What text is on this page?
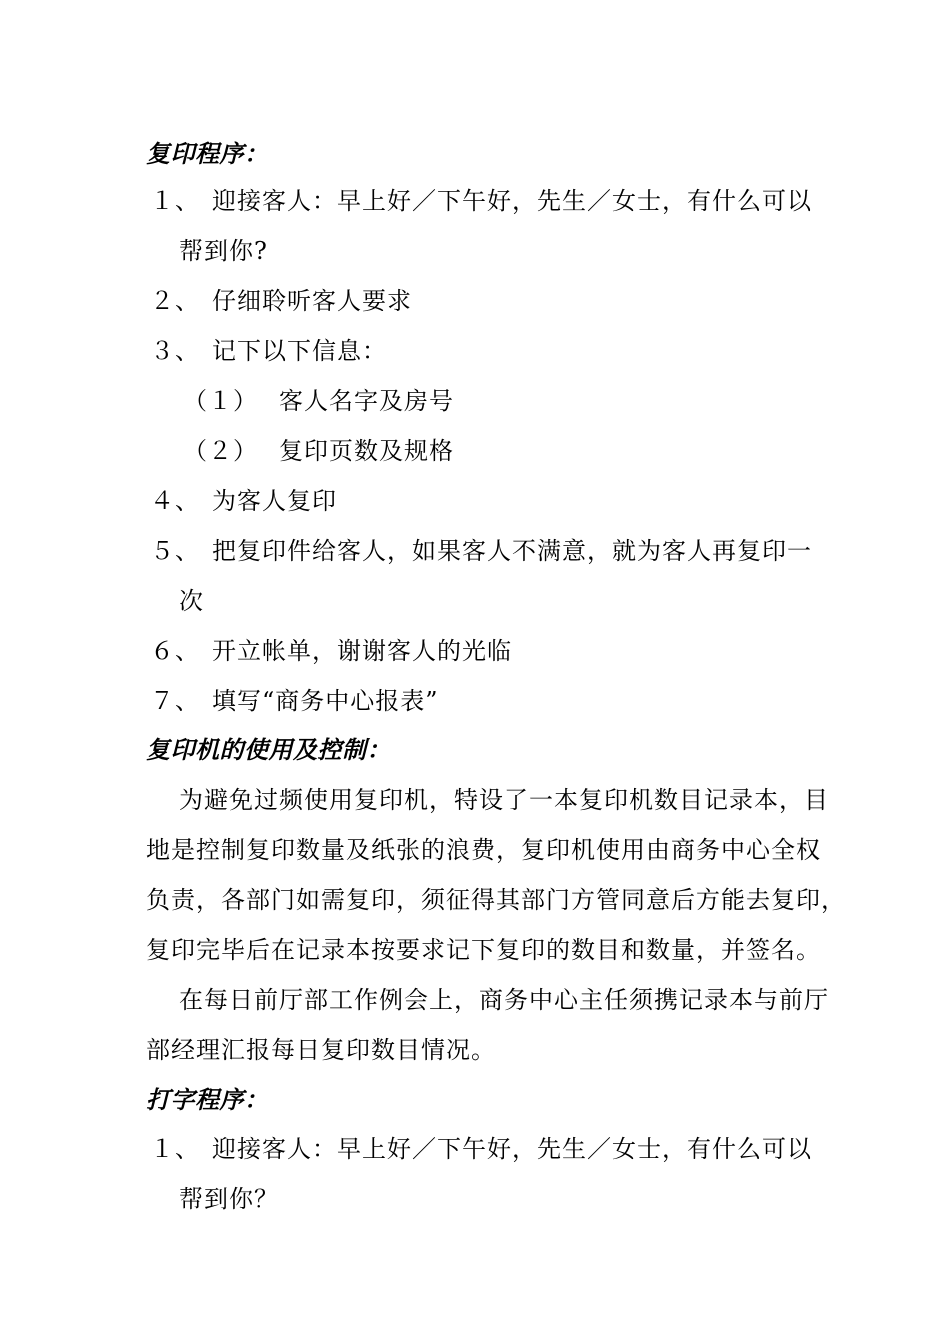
复印程序：
１、 迎接客人：早上好／下午好，先生／女士，有什么可以
帮到你?
２、 仔细聆听客人要求
３、 记下以下信息：
（１） 客人名字及房号
（２） 复印页数及规格
４、 为客人复印
５、 把复印件给客人，如果客人不满意，就为客人再复印一
次
６、 开立帐单，谢谢客人的光临
７、 填写“商务中心报表”
复印机的使用及控制：
为避免过频使用复印机，特设了一本复印机数目记录本，目
地是控制复印数量及纸张的浪费，复印机使用由商务中心全权
负责，各部门如需复印，须征得其部门方管同意后方能去复印，
复印完毕后在记录本按要求记下复印的数目和数量，并签名。
在每日前厅部工作例会上，商务中心主任须携记录本与前厅
部经理汇报每日复印数目情况。
打字程序：
１、 迎接客人：早上好／下午好，先生／女士，有什么可以
帮到你？
